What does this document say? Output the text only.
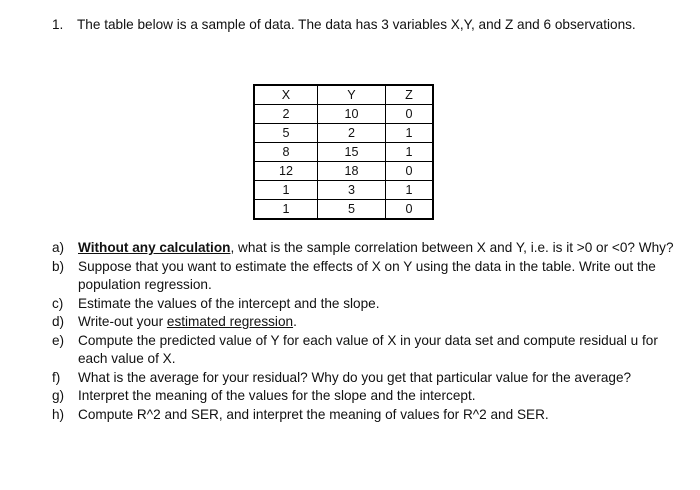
1. The table below is a sample of data. The data has 3 variables X,Y, and Z and 6 observations.
X	Y	Z
2	10	0
5	2	1
8	15	1
12	18	0
1	3	1
1	5	0
a)	Without any calculation, what is the sample correlation between X and Y, i.e. is it >0 or <0? Why?
b)	Suppose that you want to estimate the effects of X on Y using the data in the table. Write out the population regression.
c)	Estimate the values of the intercept and the slope.
d)	Write-out your estimated regression.
e)	Compute the predicted value of Y for each value of X in your data set and compute residual u for each value of X.
f)	What is the average for your residual? Why do you get that particular value for the average?
g)	Interpret the meaning of the values for the slope and the intercept.
h)	Compute R^2 and SER, and interpret the meaning of values for R^2 and SER.
